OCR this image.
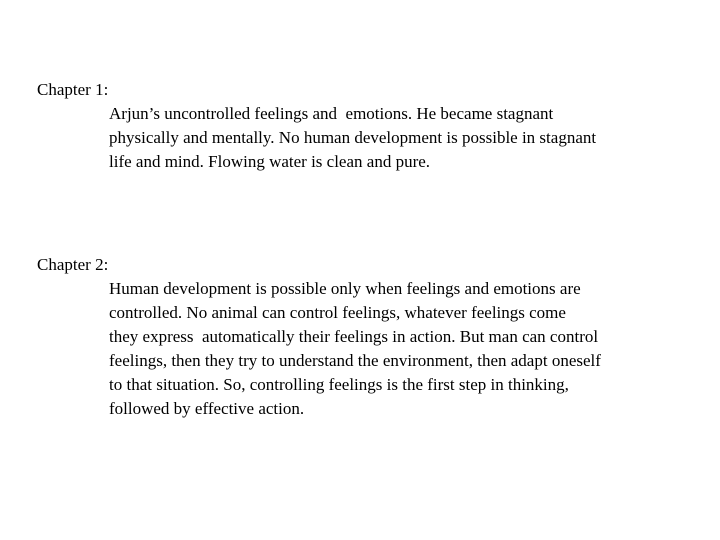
Chapter 1:
Arjun’s uncontrolled feelings and  emotions. He became stagnant
physically and mentally. No human development is possible in stagnant
life and mind. Flowing water is clean and pure.
Chapter 2:
Human development is possible only when feelings and emotions are
controlled. No animal can control feelings, whatever feelings come
they express  automatically their feelings in action. But man can control
feelings, then they try to understand the environment, then adapt oneself
to that situation. So, controlling feelings is the first step in thinking,
followed by effective action.
